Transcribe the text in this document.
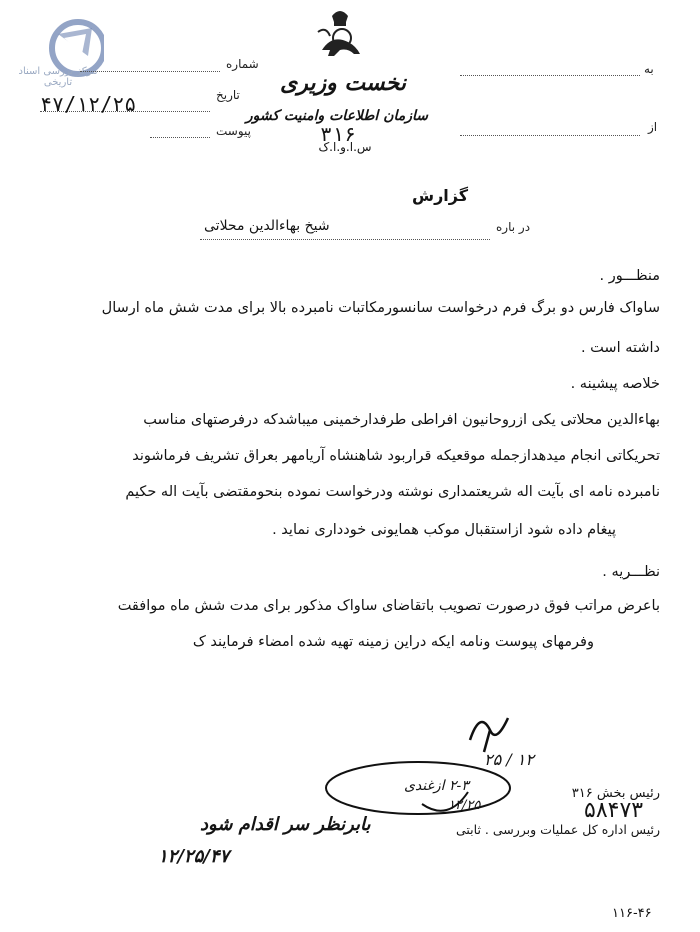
مرکز بررسی اسناد تاریخی	نخست وزیری
سازمان اطلاعات وامنیت کشور
س.ا.و.ا.ک
شماره
تاریخ
۴۷/۱۲/۲۵
پیوست
به
از
۳۱۶
گزارش
در باره
شیخ بهاءالدین محلاتی
منظـــور .
ساواک فارس دو برگ فرم درخواست سانسورمکاتبات نامبرده بالا برای مدت شش ماه ارسال
داشته است .
خلاصه پیشینه .
بهاءالدین محلاتی یکی ازروحانیون افراطی طرفدارخمینی میباشدکه درفرصتهای مناسب
تحریکاتی انجام میدهدازجمله موقعیکه قراربود شاهنشاه آریامهر بعراق تشریف فرماشوند
نامبرده نامه ای بآیت اله شریعتمداری نوشته ودرخواست نموده بنحومقتضی بآیت اله حکیم
پیغام داده شود ازاستقبال موکب همایونی خودداری نماید .
نظـــریه .
باعرض مراتب فوق درصورت تصویب باتقاضای ساواک مذکور برای مدت شش ماه موافقت
وفرمهای پیوست ونامه ایکه دراین زمینه تهیه شده امضاء فرمایند ک
۲۵ / ۱۲
رئیس بخش ۳۱۶
۲-۳ ازغندی
۱۲/۲۵
رئیس اداره کل عملیات وبررسی . ثابتی
بابرنظر سر اقدام شود
۱۲/۲۵/۴۷
۵۸۴۷۳
۱۱۶-۴۶
